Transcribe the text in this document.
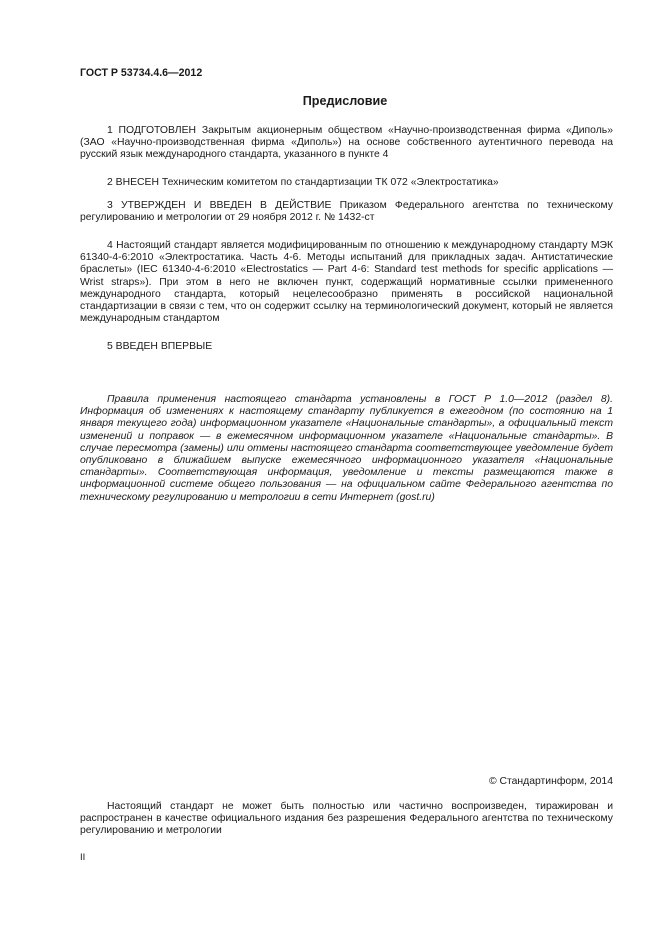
ГОСТ Р 53734.4.6—2012
Предисловие

1 ПОДГОТОВЛЕН Закрытым акционерным обществом «Научно-производственная фирма «Диполь» (ЗАО «Научно-производственная фирма «Диполь») на основе собственного аутентичного перевода на русский язык международного стандарта, указанного в пункте 4

2 ВНЕСЕН Техническим комитетом по стандартизации ТК 072 «Электростатика»

3 УТВЕРЖДЕН И ВВЕДЕН В ДЕЙСТВИЕ Приказом Федерального агентства по техническому регулированию и метрологии от 29 ноября 2012 г. № 1432-ст

4 Настоящий стандарт является модифицированным по отношению к международному стандарту МЭК 61340-4-6:2010 «Электростатика. Часть 4-6. Методы испытаний для прикладных задач. Антистатические браслеты» (IEC 61340-4-6:2010 «Electrostatics — Part 4-6: Standard test methods for specific applications — Wrist straps»). При этом в него не включен пункт, содержащий нормативные ссылки примененного международного стандарта, который нецелесообразно применять в российской национальной стандартизации в связи с тем, что он содержит ссылку на терминологический документ, который не является международным стандартом

5 ВВЕДЕН ВПЕРВЫЕ

Правила применения настоящего стандарта установлены в ГОСТ Р 1.0—2012 (раздел 8). Информация об изменениях к настоящему стандарту публикуется в ежегодном (по состоянию на 1 января текущего года) информационном указателе «Национальные стандарты», а официальный текст изменений и поправок — в ежемесячном информационном указателе «Национальные стандарты». В случае пересмотра (замены) или отмены настоящего стандарта соответствующее уведомление будет опубликовано в ближайшем выпуске ежемесячного информационного указателя «Национальные стандарты». Соответствующая информация, уведомление и тексты размещаются также в информационной системе общего пользования — на официальном сайте Федерального агентства по техническому регулированию и метрологии в сети Интернет (gost.ru)

© Стандартинформ, 2014

Настоящий стандарт не может быть полностью или частично воспроизведен, тиражирован и распространен в качестве официального издания без разрешения Федерального агентства по техническому регулированию и метрологии

II
